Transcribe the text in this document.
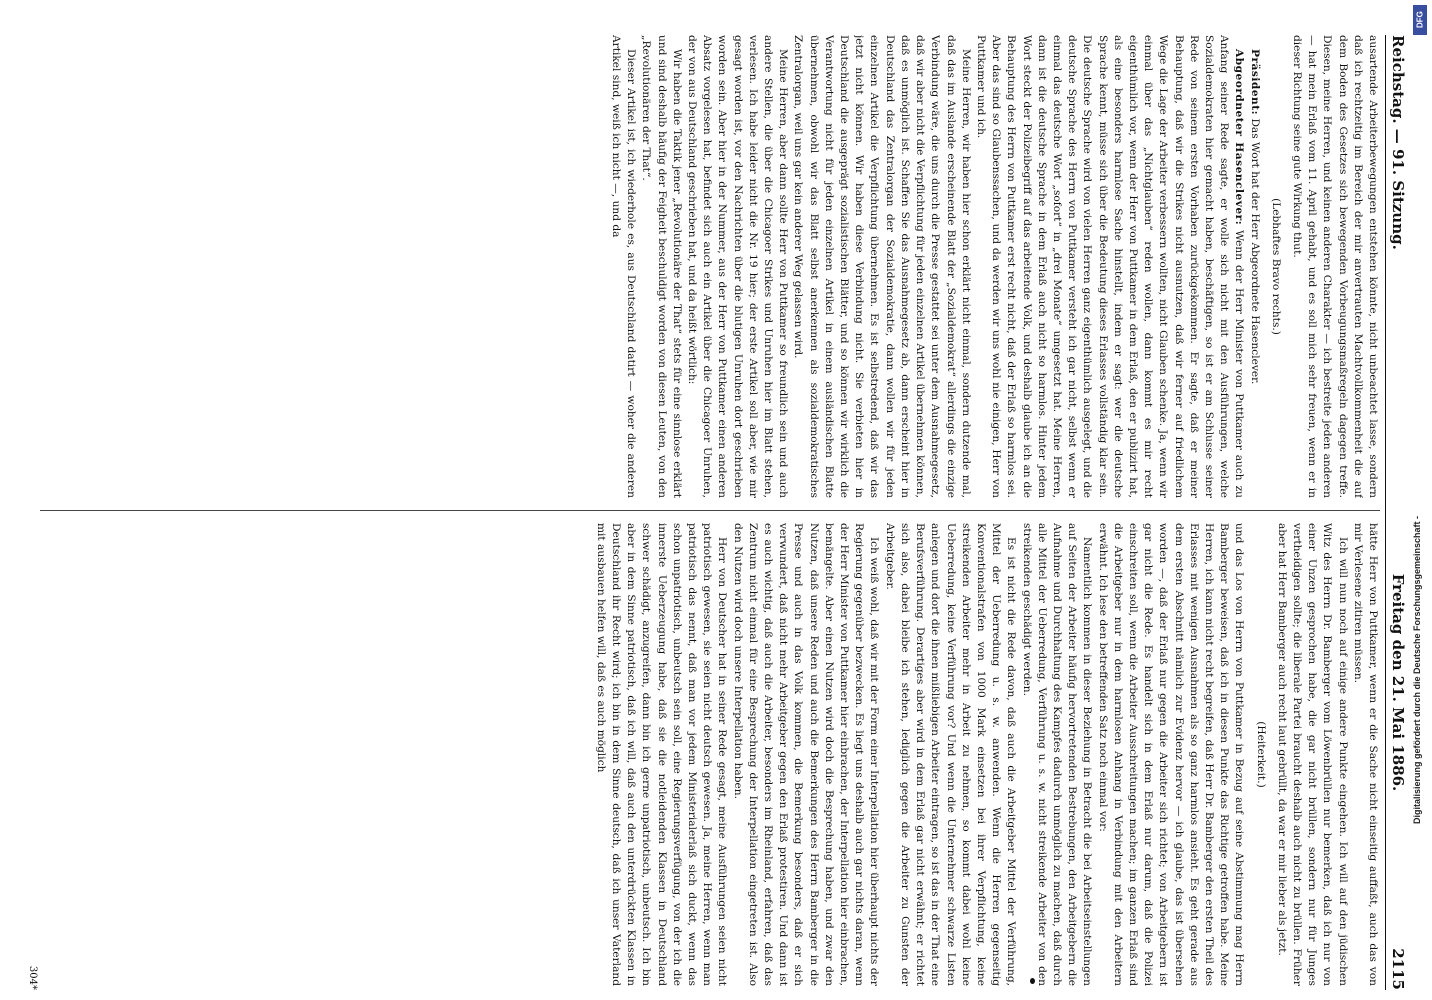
Reichstag. — 91. Sitzung.
Freitag den 21. Mai 1886.
2115

ausartende Arbeiterbewegungen entstehen könnte, nicht unbeachtet lasse, sondern daß ich rechtzeitig im Bereich der mir anvertrauten Machtvollkommenheit die auf dem Boden des Gesetzes sich bewegenden Vorbeugungsmaßregeln dagegen treffe. Diesen, meine Herren, und keinen anderen Charakter — ich bestreite jeden anderen — hat mein Erlaß vom 11. April gehabt, und es soll mich sehr freuen, wenn er in dieser Richtung seine gute Wirkung thut.

(Lebhaftes Bravo rechts.)

Präsident: Das Wort hat der Herr Abgeordnete Hasenclever.

Abgeordneter Hasenclever: Wenn der Herr Minister von Puttkamer auch zu Anfang seiner Rede sagte, er wolle sich nicht mit den Ausführungen, welche Sozialdemokraten hier gemacht haben, beschäftigen, so ist er am Schlusse seiner Rede von seinem ersten Vorhaben zurückgekommen. Er sagte, daß er meiner Behauptung, daß wir die Strikes nicht ausnutzen, daß wir ferner auf friedlichem Wege die Lage der Arbeiter verbessern wollten, nicht Glauben schenke. Ja, wenn wir einmal über das „Nichtglauben“ reden wollen, dann kommt es mir recht eigenthümlich vor, wenn der Herr von Puttkamer in dem Erlaß, den er publizirt hat, als eine besonders harmlose Sache hinstellt, indem er sagt: wer die deutsche Sprache kennt, müsse sich über die Bedeutung dieses Erlasses vollständig klar sein. Die deutsche Sprache wird von vielen Herren ganz eigenthümlich ausgelegt, und die deutsche Sprache des Herrn von Puttkamer versteht ich gar nicht, selbst wenn er einmal das deutsche Wort „sofort“ in „drei Monate“ umgesetzt hat. Meine Herren, dann ist die deutsche Sprache in dem Erlaß auch nicht so harmlos. Hinter jedem Wort steckt der Polizeibegriff auf das arbeitende Volk, und deshalb glaube ich an die Behauptung des Herrn von Puttkamer erst recht nicht, daß der Erlaß so harmlos sei. Aber das sind so Glaubenssachen, und da werden wir uns wohl nie einigen, Herr von Puttkamer und ich.

Meine Herren, wir haben hier schon erklärt nicht einmal, sondern dutzende mal, daß das im Auslande erscheinende Blatt der „Sozialdemokrat“ allerdings die einzige Verbindung wäre, die uns durch die Presse gestattet sei unter dem Ausnahmegesetz, daß wir aber nicht die Verpflichtung für jeden einzelnen Artikel übernehmen können, daß es unmöglich ist. Schaffen Sie das Ausnahmegesetz ab, dann erscheint hier in Deutschland das Zentralorgan der Sozialdemokratie, dann wollen wir für jeden einzelnen Artikel die Verpflichtung übernehmen. Es ist selbstredend, daß wir das jetzt nicht können. Wir haben diese Verbindung nicht. Sie verbieten hier in Deutschland die ausgeprägt sozialistischen Blätter, und so können wir wirklich die Verantwortung nicht für jeden einzelnen Artikel in einem ausländischen Blatte übernehmen, obwohl wir das Blatt selbst anerkennen als sozialdemokratisches Zentralorgan, weil uns gar kein anderer Weg gelassen wird.

Meine Herren, aber dann sollte Herr von Puttkamer so freundlich sein und auch andere Stellen, die über die Chicagoer Strikes und Unruhen hier im Blatt stehen, verlesen. Ich habe leider nicht die Nr. 19 hier; der erste Artikel soll aber, wie mir gesagt worden ist, vor den Nachrichten über die blutigen Unruhen dort geschrieben worden sein. Aber hier in der Nummer, aus der Herr von Puttkamer einen anderen Absatz vorgelesen hat, befindet sich auch ein Artikel über die Chicagoer Unruhen, der von aus Deutschland geschrieben hat, und da heißt wörtlich:

Wir haben die Taktik jener „Revolutionäre der That“ stets für eine sinnlose erklärt und sind deshalb häufig der Feigheit beschuldigt worden von diesen Leuten, von den „Revolutionären der That“.

Dieser Artikel ist, ich wiederhole es, aus Deutschland datirt — woher die anderen Artikel sind, weiß ich nicht —, und da

hätte Herr von Puttkamer, wenn er die Sache nicht einseitig auffaßt, auch das von mir Verlesene zitiren müssen.

Ich will nun noch auf einige andere Punkte eingehen. Ich will auf den jüdischen Witz des Herrn Dr. Bamberger vom Löwenbrüllen nur bemerken, daß ich nur von einer Unzen gesprochen habe, die gar nicht brüllen, sondern nur für Junges vertheidigen sollte; die liberale Partei braucht deshalb auch nicht zu brüllen. Früher aber hat Herr Bamberger auch recht laut gebrüllt, da war er mir lieber als jetzt.

(Heiterkeit.)

und das Los von Herrn von Puttkamer in Bezug auf seine Abstimmung mag Herrn Bamberger beweisen, daß ich in diesen Punkte das Richtige getroffen habe. Meine Herren, ich kann nicht recht begreifen, daß Herr Dr. Bamberger den ersten Theil des Erlasses mit wenigen Ausnahmen als so ganz harmlos ansieht. Es geht gerade aus dem ersten Abschnitt nämlich zur Evidenz hervor — ich glaube, das ist übersehen worden —, daß der Erlaß nur gegen die Arbeiter sich richtet; von Arbeitgebern ist gar nicht die Rede. Es handelt sich in dem Erlaß nur darum, daß die Polizei einschreiten soll, wenn die Arbeiter Ausschreitungen machen; im ganzen Erlaß sind die Arbeitgeber nur in dem harmlosen Anhang in Verbindung mit den Arbeitern erwähnt. Ich lese den betreffenden Satz noch einmal vor:

Namentlich kommen in dieser Beziehung in Betracht die bei Arbeitseinstellungen auf Seiten der Arbeiter häufig hervortretenden Bestrebungen, den Arbeitgebern die Aufnahme und Durchhaltung des Kampfes dadurch unmöglich zu machen, daß durch alle Mittel der Ueberredung, Verführung u. s. w. nicht streikende Arbeiter von den streikenden geschädigt werden.

Es ist nicht die Rede davon, daß auch die Arbeitgeber Mittel der Verführung, Mittel der Ueberredung u. s. w. anwenden. Wenn die Herren gegenseitig Konventionalstrafen von 1000 Mark einsetzen bei ihrer Verpflichtung, keine streikenden Arbeiter mehr in Arbeit zu nehmen, so kommt dabei wohl keine Ueberredung, keine Verführung vor? Und wenn die Unternehmer schwarze Listen anlegen und dort die ihnen mißliebigen Arbeiter eintragen, so ist das in der That eine Berufsverführung. Derartiges aber wird in dem Erlaß gar nicht erwähnt; er richtet sich also, dabei bleibe ich stehen, lediglich gegen die Arbeiter zu Gunsten der Arbeitgeber.

Ich weiß wohl, daß wir mit der Form einer Interpellation hier überhaupt nichts der Regierung gegenüber bezwecken. Es liegt uns deshalb auch gar nichts daran, wenn der Herr Minister von Puttkamer hier einbrachen, der Interpellation hier einbrachen, bemängelte. Aber einen Nutzen wird doch die Besprechung haben, und zwar den Nutzen, daß unsere Reden und auch die Bemerkungen des Herrn Bamberger in die Presse und auch in das Volk kommen, die Bemerkung besonders, daß er sich verwundert, daß nicht mehr Arbeitgeber gegen den Erlaß protestiren. Und dann ist es auch wichtig, daß auch die Arbeiter, besonders im Rheinland, erfahren, daß das Zentrum nicht einmal für eine Besprechung der Interpellation eingetreten ist. Also den Nutzen wird doch unsere Interpellation haben.

Herr von Deutscher hat in seiner Rede gesagt, meine Ausführungen seien nicht patriotisch gewesen, sie seien nicht deutsch gewesen. Ja, meine Herren, wenn man patriotisch das nennt, daß man vor jedem Ministerialerlaß sich duckt, wenn das schon unpatriotisch, unbeutsch sein soll, eine Regierungsverfügung, von der ich die innerste Ueberzeugung habe, daß sie die notleidenden Klassen in Deutschland schwer schädigt, anzugreifen, dann bin ich gerne unpatriotisch, unbeutsch. Ich bin aber in dem Sinne patriotisch, daß ich will, daß auch den unterdrückten Klassen in Deutschland ihr Recht wird; ich bin in dem Sinne deutsch, daß ich unser Vaterland mit ausbauen helfen will, daß es auch möglich

304*
Digitalisierung gefördert durch die Deutsche Forschungsgemeinschaft -
DFG
